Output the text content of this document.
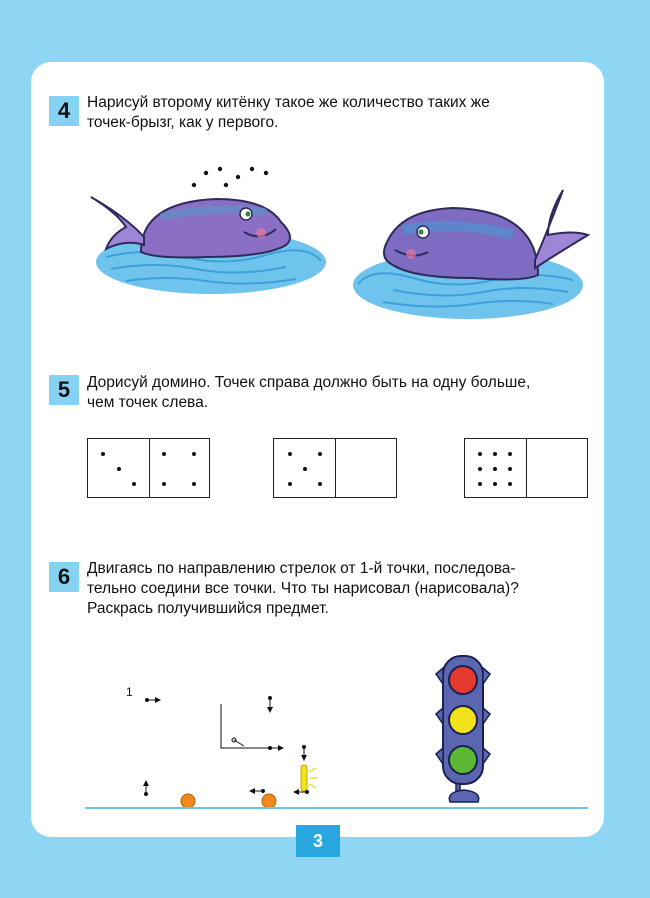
4	Нарисуй второму китёнку такое же количество таких же
точек-брызг, как у первого.
5	Дорисуй домино. Точек справа должно быть на одну больше,
чем точек слева.
6	Двигаясь по направлению стрелок от 1-й точки, последова-
тельно соедини все точки. Что ты нарисовал (нарисовала)?
Раскрась получившийся предмет.
1
3
